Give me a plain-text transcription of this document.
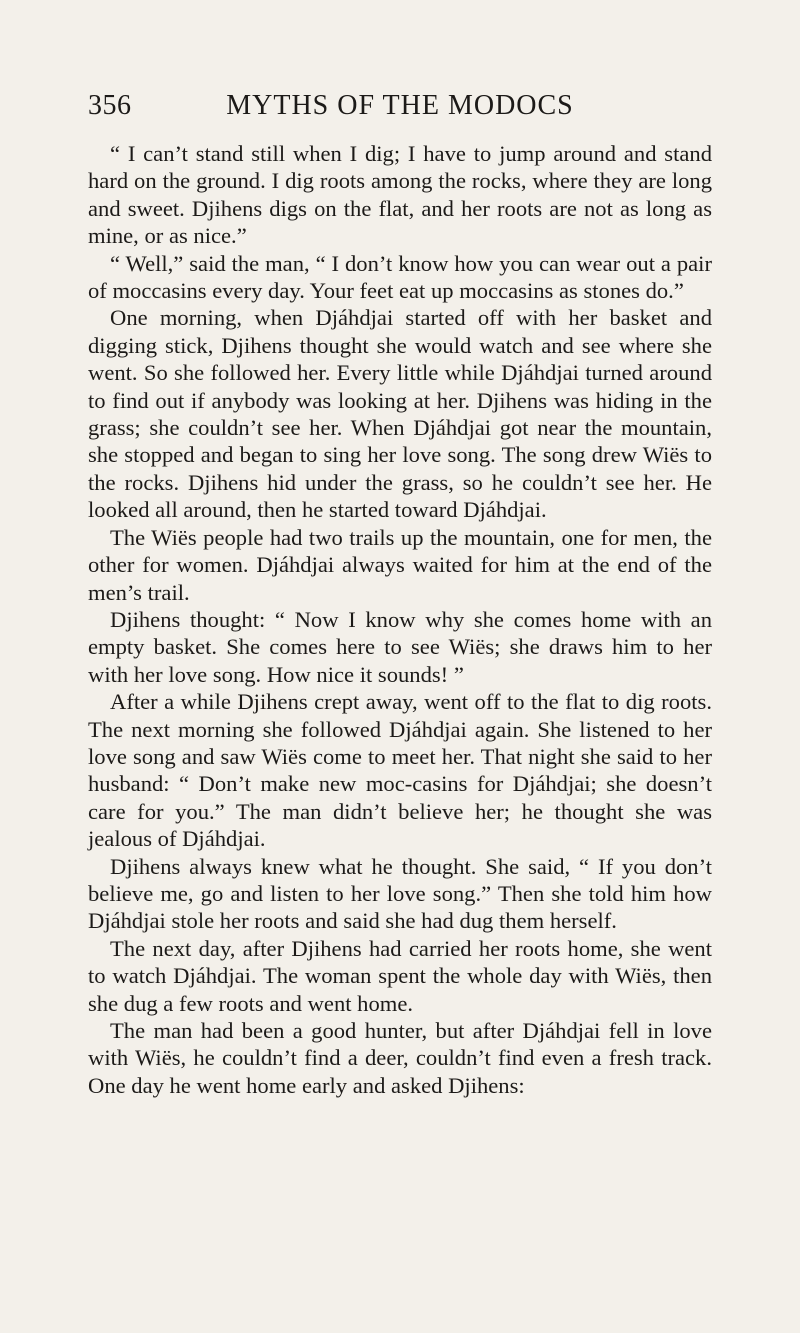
356	MYTHS OF THE MODOCS

“ I can’t stand still when I dig; I have to jump around and stand hard on the ground. I dig roots among the rocks, where they are long and sweet. Djihens digs on the flat, and her roots are not as long as mine, or as nice.”

“ Well,” said the man, “ I don’t know how you can wear out a pair of moccasins every day. Your feet eat up moccasins as stones do.”

One morning, when Djáhdjai started off with her basket and digging stick, Djihens thought she would watch and see where she went. So she followed her. Every little while Djáhdjai turned around to find out if anybody was looking at her. Djihens was hiding in the grass; she couldn’t see her. When Djáhdjai got near the mountain, she stopped and began to sing her love song. The song drew Wiës to the rocks. Djihens hid under the grass, so he couldn’t see her. He looked all around, then he started toward Djáhdjai.

The Wiës people had two trails up the mountain, one for men, the other for women. Djáhdjai always waited for him at the end of the men’s trail.

Djihens thought: “ Now I know why she comes home with an empty basket. She comes here to see Wiës; she draws him to her with her love song. How nice it sounds! ”

After a while Djihens crept away, went off to the flat to dig roots. The next morning she followed Djáhdjai again. She listened to her love song and saw Wiës come to meet her. That night she said to her husband: “ Don’t make new moc-casins for Djáhdjai; she doesn’t care for you.” The man didn’t believe her; he thought she was jealous of Djáhdjai.

Djihens always knew what he thought. She said, “ If you don’t believe me, go and listen to her love song.” Then she told him how Djáhdjai stole her roots and said she had dug them herself.

The next day, after Djihens had carried her roots home, she went to watch Djáhdjai. The woman spent the whole day with Wiës, then she dug a few roots and went home.

The man had been a good hunter, but after Djáhdjai fell in love with Wiës, he couldn’t find a deer, couldn’t find even a fresh track. One day he went home early and asked Djihens:
